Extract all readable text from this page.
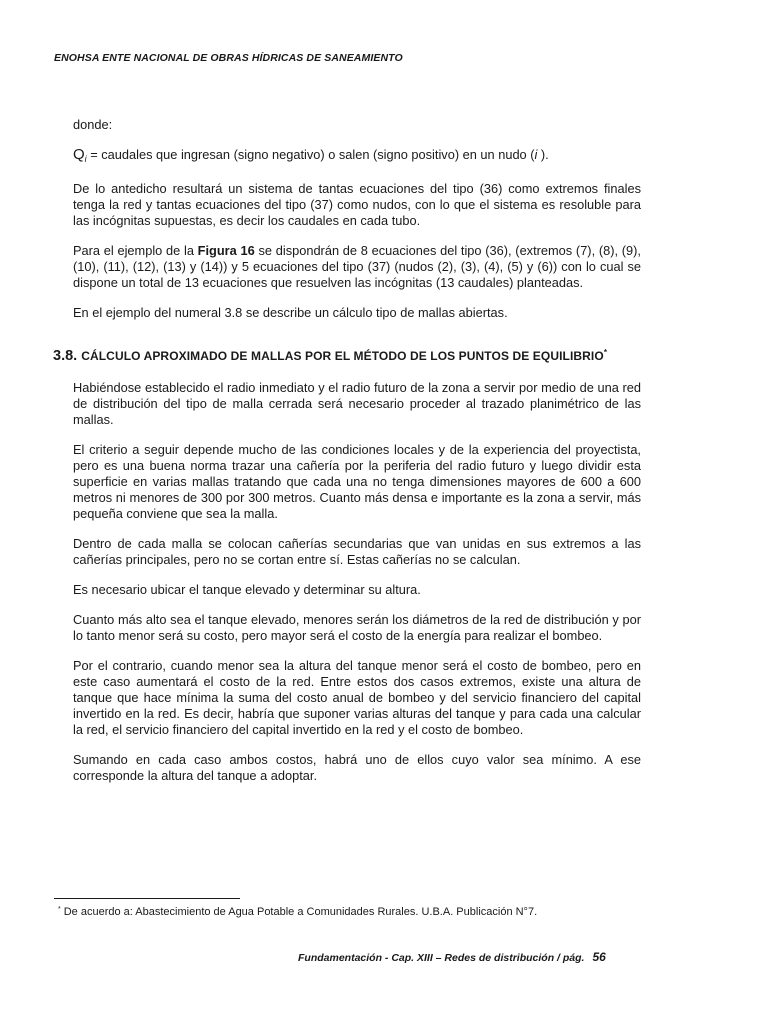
ENOHSA ENTE NACIONAL DE OBRAS HÍDRICAS DE SANEAMIENTO

donde:

$Q_i$ = caudales que ingresan (signo negativo) o salen (signo positivo) en un nudo (i ).

De lo antedicho resultará un sistema de tantas ecuaciones del tipo (36) como extremos finales tenga la red y tantas ecuaciones del tipo (37) como nudos, con lo que el sistema es resoluble para las incógnitas supuestas, es decir los caudales en cada tubo.

Para el ejemplo de la Figura 16 se dispondrán de 8 ecuaciones del tipo (36), (extremos (7), (8), (9), (10), (11), (12), (13) y (14)) y 5 ecuaciones del tipo (37) (nudos (2), (3), (4), (5) y (6)) con lo cual se dispone un total de 13 ecuaciones que resuelven las incógnitas (13 caudales) planteadas.

En el ejemplo del numeral 3.8 se describe un cálculo tipo de mallas abiertas.

3.8. CÁLCULO APROXIMADO DE MALLAS POR EL MÉTODO DE LOS PUNTOS DE EQUILIBRIO*

Habiéndose establecido el radio inmediato y el radio futuro de la zona a servir por medio de una red de distribución del tipo de malla cerrada será necesario proceder al trazado planimétrico de las mallas.

El criterio a seguir depende mucho de las condiciones locales y de la experiencia del proyectista, pero es una buena norma trazar una cañería por la periferia del radio futuro y luego dividir esta superficie en varias mallas tratando que cada una no tenga dimensiones mayores de 600 a 600 metros ni menores de 300 por 300 metros. Cuanto más densa e importante es la zona a servir, más pequeña conviene que sea la malla.

Dentro de cada malla se colocan cañerías secundarias que van unidas en sus extremos a las cañerías principales, pero no se cortan entre sí. Estas cañerías no se calculan.

Es necesario ubicar el tanque elevado y determinar su altura.

Cuanto más alto sea el tanque elevado, menores serán los diámetros de la red de distribución y por lo tanto menor será su costo, pero mayor será el costo de la energía para realizar el bombeo.

Por el contrario, cuando menor sea la altura del tanque menor será el costo de bombeo, pero en este caso aumentará el costo de la red. Entre estos dos casos extremos, existe una altura de tanque que hace mínima la suma del costo anual de bombeo y del servicio financiero del capital invertido en la red. Es decir, habría que suponer varias alturas del tanque y para cada una calcular la red, el servicio financiero del capital invertido en la red y el costo de bombeo.

Sumando en cada caso ambos costos, habrá uno de ellos cuyo valor sea mínimo. A ese corresponde la altura del tanque a adoptar.

* De acuerdo a: Abastecimiento de Agua Potable a Comunidades Rurales. U.B.A. Publicación N°7.
Fundamentación - Cap. XIII – Redes de distribución / pág. 56
